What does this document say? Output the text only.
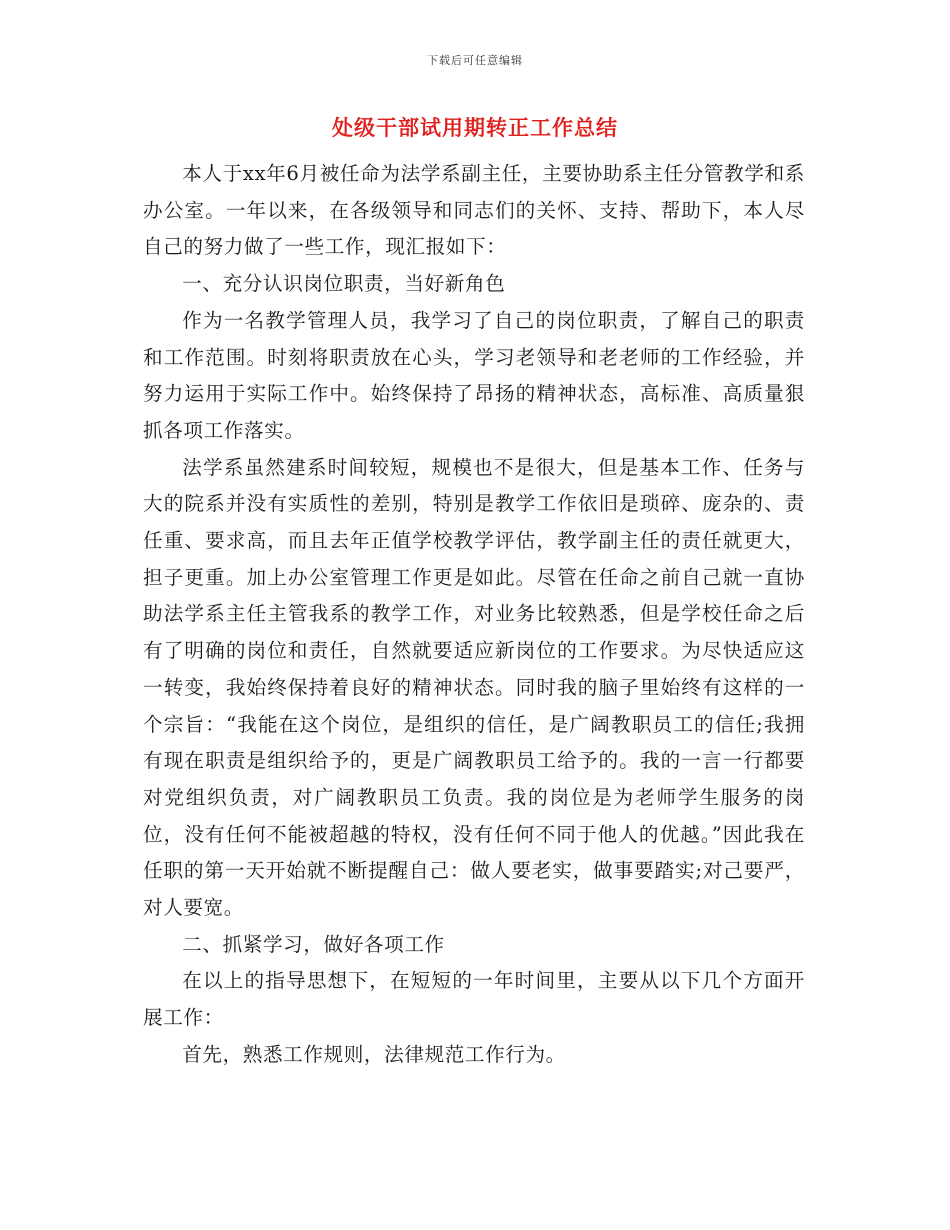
下载后可任意编辑
处级干部试用期转正工作总结

本人于xx年6月被任命为法学系副主任，主要协助系主任分管教学和系办公室。一年以来，在各级领导和同志们的关怀、支持、帮助下，本人尽自己的努力做了一些工作，现汇报如下：

一、充分认识岗位职责，当好新角色

作为一名教学管理人员，我学习了自己的岗位职责，了解自己的职责和工作范围。时刻将职责放在心头，学习老领导和老老师的工作经验，并努力运用于实际工作中。始终保持了昂扬的精神状态，高标准、高质量狠抓各项工作落实。

法学系虽然建系时间较短，规模也不是很大，但是基本工作、任务与大的院系并没有实质性的差别，特别是教学工作依旧是琐碎、庞杂的、责任重、要求高，而且去年正值学校教学评估，教学副主任的责任就更大，担子更重。加上办公室管理工作更是如此。尽管在任命之前自己就一直协助法学系主任主管我系的教学工作，对业务比较熟悉，但是学校任命之后有了明确的岗位和责任，自然就要适应新岗位的工作要求。为尽快适应这一转变，我始终保持着良好的精神状态。同时我的脑子里始终有这样的一个宗旨：“我能在这个岗位，是组织的信任，是广阔教职员工的信任;我拥有现在职责是组织给予的，更是广阔教职员工给予的。我的一言一行都要对党组织负责，对广阔教职员工负责。我的岗位是为老师学生服务的岗位，没有任何不能被超越的特权，没有任何不同于他人的优越。”因此我在任职的第一天开始就不断提醒自己：做人要老实，做事要踏实;对己要严，对人要宽。

二、抓紧学习，做好各项工作

在以上的指导思想下，在短短的一年时间里，主要从以下几个方面开展工作：

首先，熟悉工作规则，法律规范工作行为。
